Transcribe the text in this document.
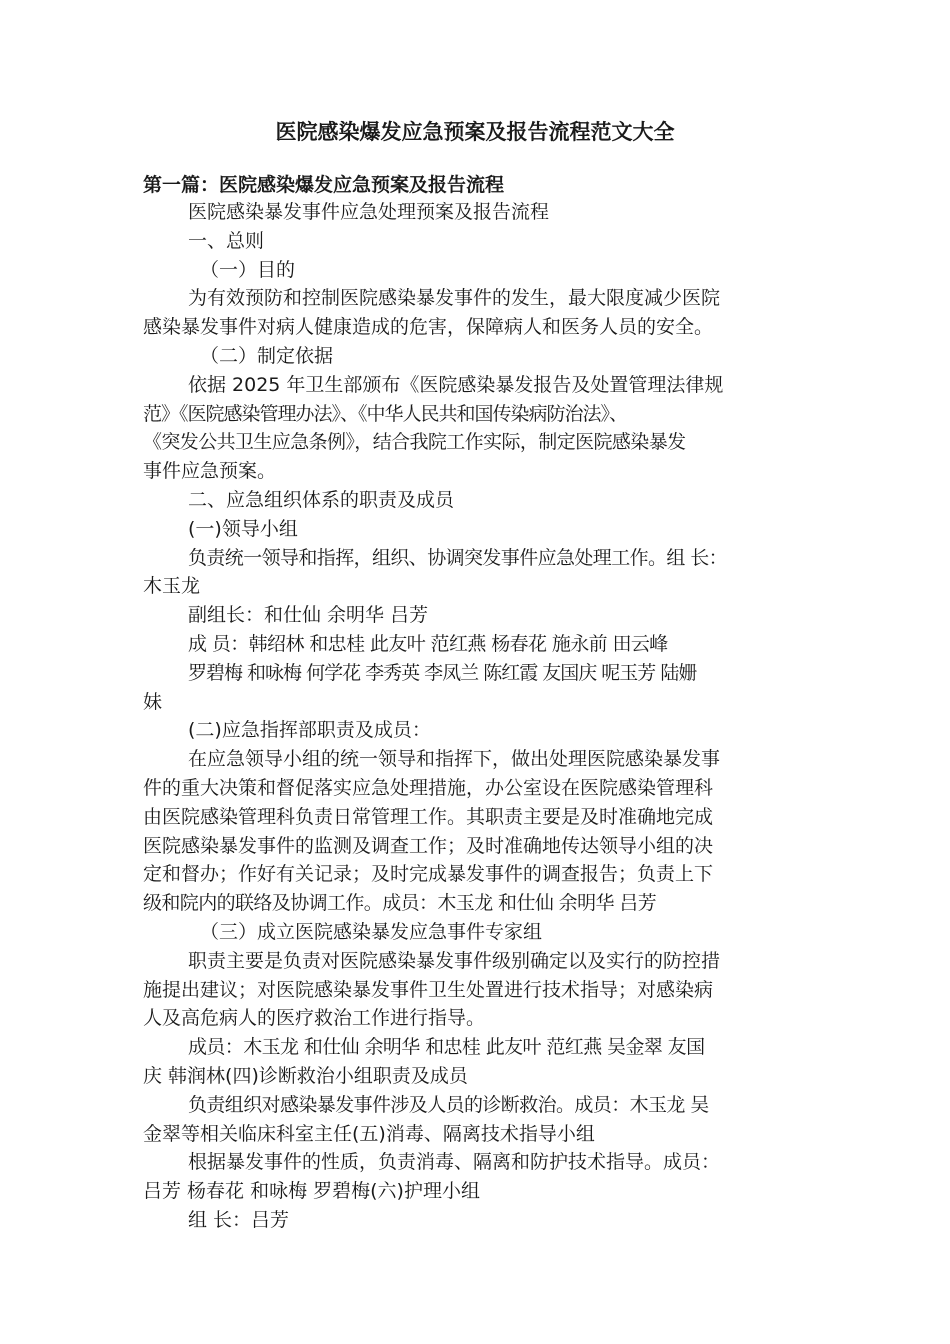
医院感染爆发应急预案及报告流程范文大全
第一篇：医院感染爆发应急预案及报告流程
医院感染暴发事件应急处理预案及报告流程
一、总则
（一）目的
为有效预防和控制医院感染暴发事件的发生，最大限度减少医院
感染暴发事件对病人健康造成的危害，保障病人和医务人员的安全。
（二）制定依据
依据 2025 年卫生部颁布《医院感染暴发报告及处置管理法律规
范》《医院感染管理办法》、《中华人民共和国传染病防治法》、
《突发公共卫生应急条例》，结合我院工作实际，制定医院感染暴发
事件应急预案。
二、应急组织体系的职责及成员
(一)领导小组
负责统一领导和指挥，组织、协调突发事件应急处理工作。组 长：
木玉龙
副组长：和仕仙 余明华 吕芳
成 员：韩绍林 和忠桂 此友叶 范红燕 杨春花 施永前 田云峰
罗碧梅 和咏梅 何学花 李秀英 李凤兰 陈红霞 友国庆 呢玉芳 陆姗
妹
(二)应急指挥部职责及成员：
在应急领导小组的统一领导和指挥下，做出处理医院感染暴发事
件的重大决策和督促落实应急处理措施，办公室设在医院感染管理科
由医院感染管理科负责日常管理工作。其职责主要是及时准确地完成
医院感染暴发事件的监测及调查工作；及时准确地传达领导小组的决
定和督办；作好有关记录；及时完成暴发事件的调查报告；负责上下
级和院内的联络及协调工作。成员：木玉龙 和仕仙 余明华 吕芳
（三）成立医院感染暴发应急事件专家组
职责主要是负责对医院感染暴发事件级别确定以及实行的防控措
施提出建议；对医院感染暴发事件卫生处置进行技术指导；对感染病
人及高危病人的医疗救治工作进行指导。
成员：木玉龙 和仕仙 余明华 和忠桂 此友叶 范红燕 吴金翠 友国
庆 韩润林(四)诊断救治小组职责及成员
负责组织对感染暴发事件涉及人员的诊断救治。成员：木玉龙 吴
金翠等相关临床科室主任(五)消毒、隔离技术指导小组
根据暴发事件的性质，负责消毒、隔离和防护技术指导。成员：
吕芳 杨春花 和咏梅 罗碧梅(六)护理小组
组 长：吕芳
